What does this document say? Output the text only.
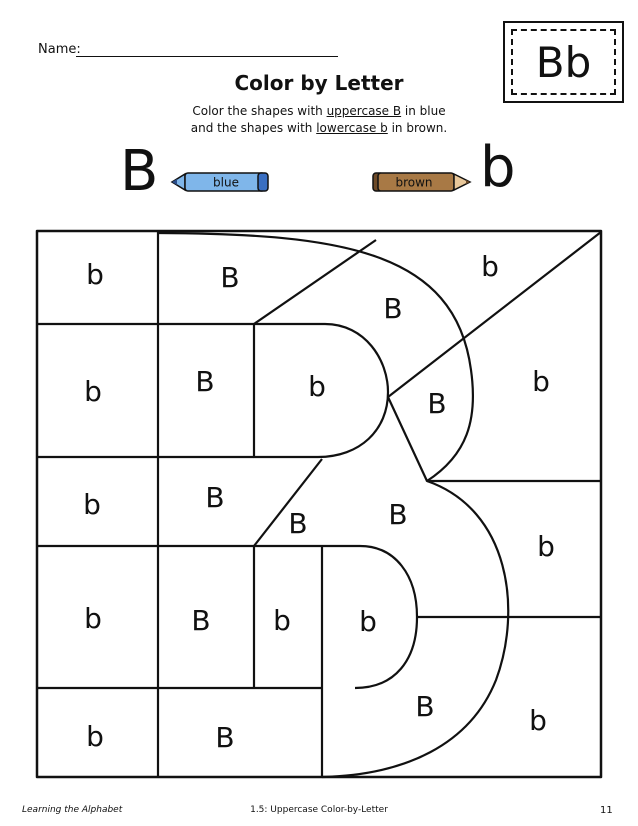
Name:	Bb
Color by Letter
Color the shapes with uppercase B in blue
and the shapes with lowercase b in brown.
B	b
blue	brown
b	B
B
b
b	B	b
B
b
b	B
B	B
b
b	B b b
B
b	B
b
Learning the Alphabet	1.5: Uppercase Color-by-Letter	11
